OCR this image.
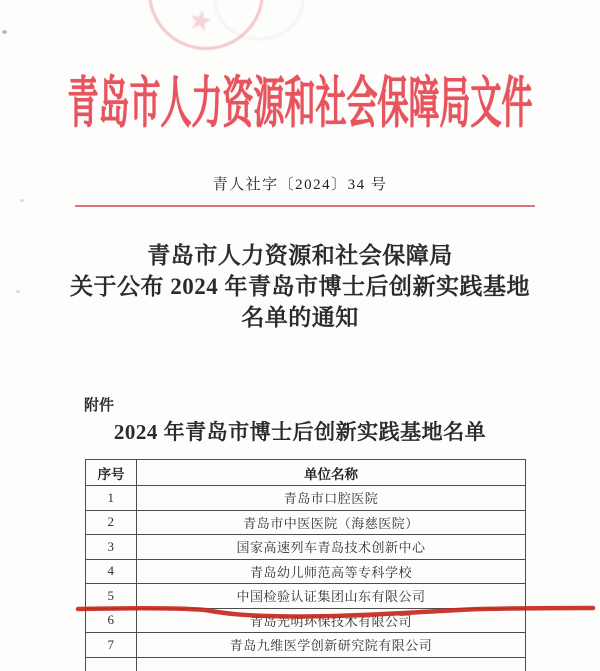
★
青岛市人力资源和社会保障局文件
青人社字〔2024〕34 号
青岛市人力资源和社会保障局
关于公布 2024 年青岛市博士后创新实践基地
名单的通知
附件
2024 年青岛市博士后创新实践基地名单
序号	单位名称
1	青岛市口腔医院
2	青岛市中医医院（海慈医院）
3	国家高速列车青岛技术创新中心
4	青岛幼儿师范高等专科学校
5	中国检验认证集团山东有限公司
6	青岛光明环保技术有限公司
7	青岛九维医学创新研究院有限公司
